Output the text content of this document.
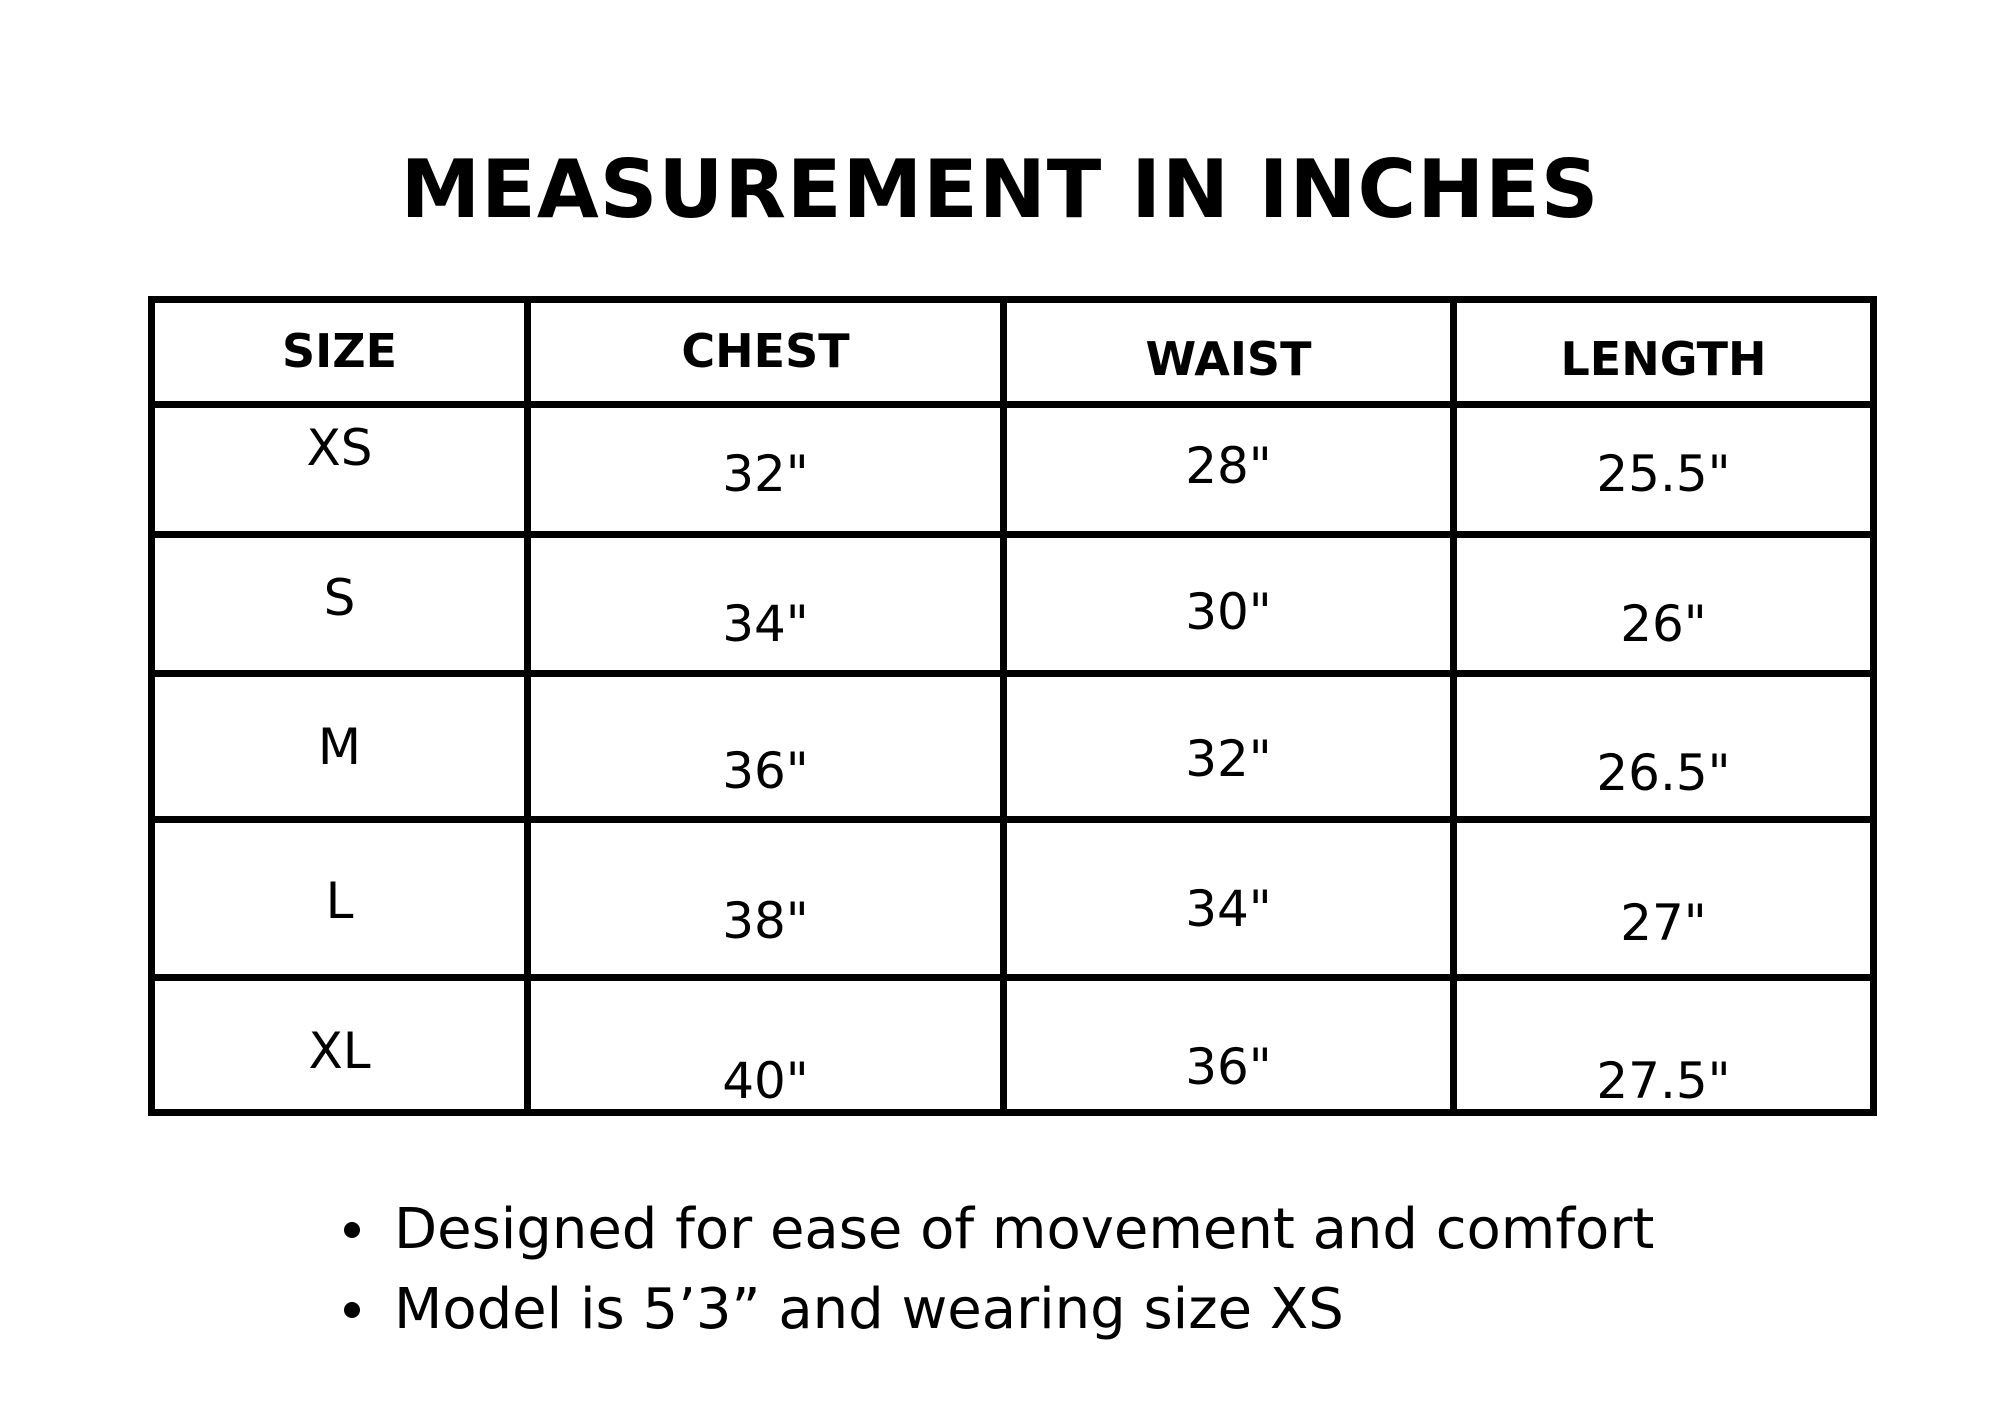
MEASUREMENT IN INCHES
SIZE	CHEST	WAIST	LENGTH

XS	32"	28"	25.5"

S	34"	30"	26"

M	36"	32"	26.5"

L	38"	34"	27"

XL	40"	36"	27.5"
Designed for ease of movement and comfort
Model is 5’3” and wearing size XS
